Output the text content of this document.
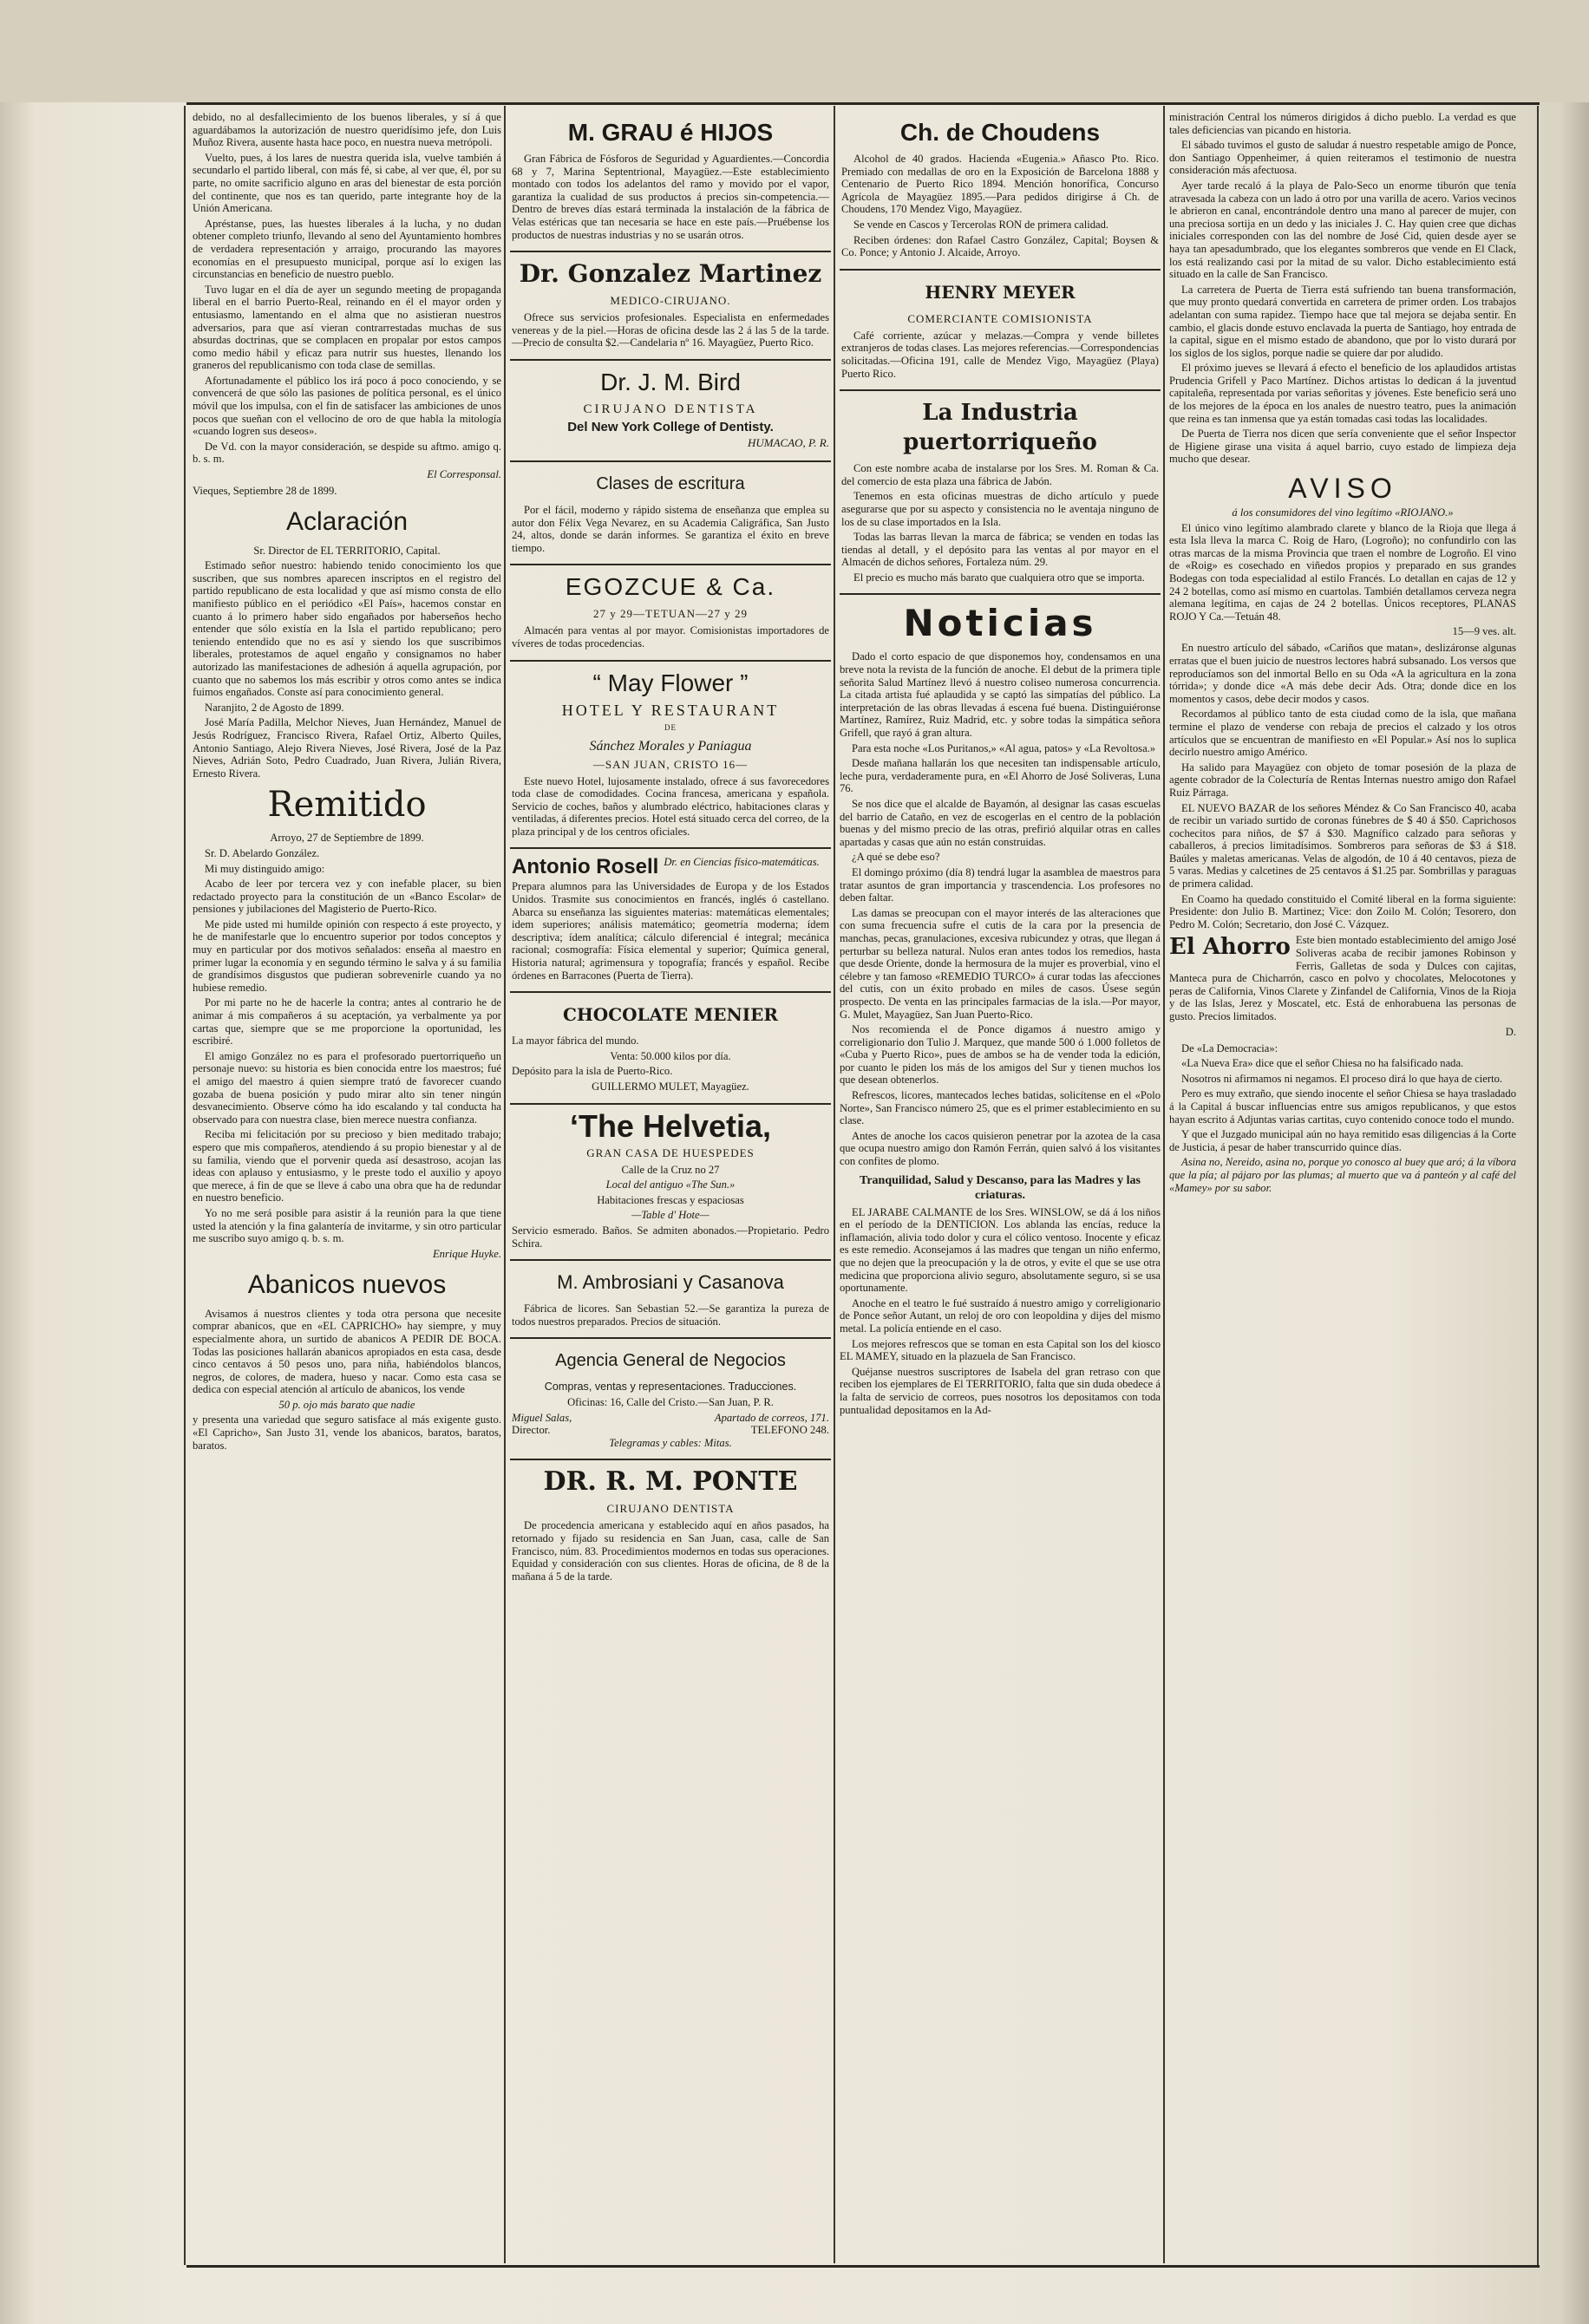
debido, no al desfallecimiento de los buenos liberales, y sí á que aguardábamos la autorización de nuestro queridísimo jefe, don Luis Muñoz Rivera, ausente hasta hace poco, en nuestra nueva metrópoli.

Vuelto, pues, á los lares de nuestra querida isla, vuelve también á secundarlo el partido liberal, con más fé, si cabe, al ver que, él, por su parte, no omite sacrificio alguno en aras del bienestar de esta porción del continente, que nos es tan querido, parte integrante hoy de la Unión Americana.

Apréstanse, pues, las huestes liberales á la lucha, y no dudan obtener completo triunfo, llevando al seno del Ayuntamiento hombres de verdadera representación y arraigo, procurando las mayores economías en el presupuesto municipal, porque así lo exigen las circunstancias en beneficio de nuestro pueblo.

Tuvo lugar en el día de ayer un segundo meeting de propaganda liberal en el barrio Puerto-Real, reinando en él el mayor orden y entusiasmo, lamentando en el alma que no asistieran nuestros adversarios, para que así vieran contrarrestadas muchas de sus absurdas doctrinas, que se complacen en propalar por estos campos como medio hábil y eficaz para nutrir sus huestes, llenando los graneros del republicanismo con toda clase de semillas.

Afortunadamente el público los irá poco á poco conociendo, y se convencerá de que sólo las pasiones de política personal, es el único móvil que los impulsa, con el fin de satisfacer las ambiciones de unos pocos que sueñan con el vellocino de oro de que habla la mitología «cuando logren sus deseos».

De Vd. con la mayor consideración, se despide su aftmo. amigo q. b. s. m.

El Corresponsal.

Vieques, Septiembre 28 de 1899.

Aclaración

Sr. Director de EL TERRITORIO, Capital.

Estimado señor nuestro: habiendo tenido conocimiento los que suscriben, que sus nombres aparecen inscriptos en el registro del partido republicano de esta localidad y que así mismo consta de ello manifiesto público en el periódico «El País», hacemos constar en cuanto á lo primero haber sido engañados por haberseños hecho entender que sólo existía en la Isla el partido republicano; pero teniendo entendido que no es así y siendo los que suscribimos liberales, protestamos de aquel engaño y consignamos no haber autorizado las manifestaciones de adhesión á aquella agrupación, por cuanto que no sabemos los más escribir y otros como antes se indica fuimos engañados. Conste así para conocimiento general.

Naranjito, 2 de Agosto de 1899.

José María Padilla, Melchor Nieves, Juan Hernández, Manuel de Jesús Rodríguez, Francisco Rivera, Rafael Ortiz, Alberto Quiles, Antonio Santiago, Alejo Rivera Nieves, José Rivera, José de la Paz Nieves, Adrián Soto, Pedro Cuadrado, Juan Rivera, Julián Rivera, Ernesto Rivera.

Remitido

Arroyo, 27 de Septiembre de 1899.

Sr. D. Abelardo González.

Mi muy distinguido amigo:

Acabo de leer por tercera vez y con inefable placer, su bien redactado proyecto para la constitución de un «Banco Escolar» de pensiones y jubilaciones del Magisterio de Puerto-Rico.

Me pide usted mi humilde opinión con respecto á este proyecto, y he de manifestarle que lo encuentro superior por todos conceptos y muy en particular por dos motivos señalados: enseña al maestro en primer lugar la economía y en segundo término le salva y á su familia de grandísimos disgustos que pudieran sobrevenirle cuando ya no hubiese remedio.

Por mi parte no he de hacerle la contra; antes al contrario he de animar á mis compañeros á su aceptación, ya verbalmente ya por cartas que, siempre que se me proporcione la oportunidad, les escribiré.

El amigo González no es para el profesorado puertorriqueño un personaje nuevo: su historia es bien conocida entre los maestros; fué el amigo del maestro á quien siempre trató de favorecer cuando gozaba de buena posición y pudo mirar alto sin tener ningún desvanecimiento. Observe cómo ha ido escalando y tal conducta ha observado para con nuestra clase, bien merece nuestra confianza.

Reciba mi felicitación por su precioso y bien meditado trabajo; espero que mis compañeros, atendiendo á su propio bienestar y al de su familia, viendo que el porvenir queda así desastroso, acojan las ideas con aplauso y entusiasmo, y le preste todo el auxilio y apoyo que merece, á fin de que se lleve á cabo una obra que ha de redundar en nuestro beneficio.

Yo no me será posible para asistir á la reunión para la que tiene usted la atención y la fina galantería de invitarme, y sin otro particular me suscribo suyo amigo q. b. s. m.

Enrique Huyke.
Abanicos nuevos

Avisamos á nuestros clientes y toda otra persona que necesite comprar abanicos, que en «EL CAPRICHO» hay siempre, y muy especialmente ahora, un surtido de abanicos A PEDIR DE BOCA. Todas las posiciones hallarán abanicos apropiados en esta casa, desde cinco centavos á 50 pesos uno, para niña, habiéndolos blancos, negros, de colores, de madera, hueso y nacar. Como esta casa se dedica con especial atención al artículo de abanicos, los vende

50 p. ojo más barato que nadie

y presenta una variedad que seguro satisface al más exigente gusto. «El Capricho», San Justo 31, vende los abanicos, baratos, baratos, baratos.

M. GRAU é HIJOS

Gran Fábrica de Fósforos de Seguridad y Aguardientes.—Concordia 68 y 7, Marina Septentrional, Mayagüez.—Este establecimiento montado con todos los adelantos del ramo y movido por el vapor, garantiza la cualidad de sus productos á precios sin-competencia.—Dentro de breves días estará terminada la instalación de la fábrica de Velas estéricas que tan necesaria se hace en este país.—Pruébense los productos de nuestras industrias y no se usarán otros.

Dr. Gonzalez Martinez
MEDICO-CIRUJANO.

Ofrece sus servicios profesionales. Especialista en enfermedades venereas y de la piel.—Horas de oficina desde las 2 á las 5 de la tarde.—Precio de consulta $2.—Candelaria nº 16. Mayagüez, Puerto Rico.

Dr. J. M. Bird
CIRUJANO DENTISTA
Del New York College of Dentisty.
HUMACAO, P. R.
Clases de escritura

Por el fácil, moderno y rápido sistema de enseñanza que emplea su autor don Félix Vega Nevarez, en su Academia Caligráfica, San Justo 24, altos, donde se darán informes. Se garantiza el éxito en breve tiempo.

EGOZCUE & Ca.
27 y 29—TETUAN—27 y 29

Almacén para ventas al por mayor. Comisionistas importadores de víveres de todas procedencias.

“ May Flower ”
HOTEL Y RESTAURANT
DE
Sánchez Morales y Paniagua
—SAN JUAN, CRISTO 16—

Este nuevo Hotel, lujosamente instalado, ofrece á sus favorecedores toda clase de comodidades. Cocina francesa, americana y española. Servicio de coches, baños y alumbrado eléctrico, habitaciones claras y ventiladas, á diferentes precios. Hotel está situado cerca del correo, de la plaza principal y de los centros oficiales.

Antonio Rosell Dr. en Ciencias físico-matemáticas.

Prepara alumnos para las Universidades de Europa y de los Estados Unidos. Trasmite sus conocimientos en francés, inglés ó castellano. Abarca su enseñanza las siguientes materias: matemáticas elementales; idem superiores; análisis matemático; geometría moderna; ídem descriptiva; ídem analítica; cálculo diferencial é integral; mecánica racional; cosmografía: Física elemental y superior; Química general, Historia natural; agrimensura y topografía; francés y español. Recibe órdenes en Barracones (Puerta de Tierra).

CHOCOLATE MENIER

La mayor fábrica del mundo.

Venta: 50.000 kilos por día.

Depósito para la isla de Puerto-Rico.

GUILLERMO MULET, Mayagüez.

‘The Helvetia,
GRAN CASA DE HUESPEDES

Calle de la Cruz no 27

Local del antiguo «The Sun.»

Habitaciones frescas y espaciosas

—Table d' Hote—

Servicio esmerado. Baños. Se admiten abonados.—Propietario. Pedro Schira.

M. Ambrosiani y Casanova

Fábrica de licores. San Sebastian 52.—Se garantiza la pureza de todos nuestros preparados. Precios de situación.

Agencia General de Negocios

Compras, ventas y representaciones. Traducciones.

Oficinas: 16, Calle del Cristo.—San Juan, P. R.

Miguel Salas,	Apartado de correos, 171.
Director.	TELEFONO 248.

Telegramas y cables: Mitas.

DR. R. M. PONTE
CIRUJANO DENTISTA

De procedencia americana y establecido aquí en años pasados, ha retornado y fijado su residencia en San Juan, casa, calle de San Francisco, núm. 83. Procedimientos modernos en todas sus operaciones. Equidad y consideración con sus clientes. Horas de oficina, de 8 de la mañana á 5 de la tarde.

Ch. de Choudens

Alcohol de 40 grados. Hacienda «Eugenia.» Añasco Pto. Rico. Premiado con medallas de oro en la Exposición de Barcelona 1888 y Centenario de Puerto Rico 1894. Mención honorífica, Concurso Agrícola de Mayagüez 1895.—Para pedidos dirigirse á Ch. de Choudens, 170 Mendez Vigo, Mayagüez.

Se vende en Cascos y Tercerolas RON de primera calidad.

Reciben órdenes: don Rafael Castro González, Capital; Boysen & Co. Ponce; y Antonio J. Alcaide, Arroyo.

HENRY MEYER
COMERCIANTE COMISIONISTA

Café corriente, azúcar y melazas.—Compra y vende billetes extranjeros de todas clases. Las mejores referencias.—Correspondencias solicitadas.—Oficina 191, calle de Mendez Vigo, Mayagüez (Playa) Puerto Rico.

La Industria puertorriqueño

Con este nombre acaba de instalarse por los Sres. M. Roman & Ca. del comercio de esta plaza una fábrica de Jabón.

Tenemos en esta oficinas muestras de dicho artículo y puede asegurarse que por su aspecto y consistencia no le aventaja ninguno de los de su clase importados en la Isla.

Todas las barras llevan la marca de fábrica; se venden en todas las tiendas al detall, y el depósito para las ventas al por mayor en el Almacén de dichos señores, Fortaleza núm. 29.

El precio es mucho más barato que cualquiera otro que se importa.

Noticias

Dado el corto espacio de que disponemos hoy, condensamos en una breve nota la revista de la función de anoche. El debut de la primera tiple señorita Salud Martínez llevó á nuestro coliseo numerosa concurrencia. La citada artista fué aplaudida y se captó las simpatías del público. La interpretación de las obras llevadas á escena fué buena. Distinguiéronse Martínez, Ramírez, Ruiz Madrid, etc. y sobre todas la simpática señora Grifell, que rayó á gran altura.

Para esta noche «Los Puritanos,» «Al agua, patos» y «La Revoltosa.»

Desde mañana hallarán los que necesiten tan indispensable artículo, leche pura, verdaderamente pura, en «El Ahorro de José Soliveras, Luna 76.

Se nos dice que el alcalde de Bayamón, al designar las casas escuelas del barrio de Cataño, en vez de escogerlas en el centro de la población buenas y del mismo precio de las otras, prefirió alquilar otras en calles apartadas y casas que aún no están construidas.

¿A qué se debe eso?

El domingo próximo (día 8) tendrá lugar la asamblea de maestros para tratar asuntos de gran importancia y trascendencia. Los profesores no deben faltar.

Las damas se preocupan con el mayor interés de las alteraciones que con suma frecuencia sufre el cutis de la cara por la presencia de manchas, pecas, granulaciones, excesiva rubicundez y otras, que llegan á perturbar su belleza natural. Nulos eran antes todos los remedios, hasta que desde Oriente, donde la hermosura de la mujer es proverbial, vino el célebre y tan famoso «REMEDIO TURCO» á curar todas las afecciones del cutis, con un éxito probado en miles de casos. Úsese según prospecto. De venta en las principales farmacias de la isla.—Por mayor, G. Mulet, Mayagüez, San Juan Puerto-Rico.

Nos recomienda el de Ponce digamos á nuestro amigo y correligionario don Tulio J. Marquez, que mande 500 ó 1.000 folletos de «Cuba y Puerto Rico», pues de ambos se ha de vender toda la edición, por cuanto le piden los más de los amigos del Sur y tienen muchos los que desean obtenerlos.

Refrescos, licores, mantecados leches batidas, solicítense en el «Polo Norte», San Francisco número 25, que es el primer establecimiento en su clase.

Antes de anoche los cacos quisieron penetrar por la azotea de la casa que ocupa nuestro amigo don Ramón Ferrán, quien salvó á los visitantes con confites de plomo.

Tranquilidad, Salud y Descanso, para las Madres y las criaturas.

EL JARABE CALMANTE de los Sres. WINSLOW, se dá á los niños en el período de la DENTICION. Los ablanda las encías, reduce la inflamación, alivia todo dolor y cura el cólico ventoso. Inocente y eficaz es este remedio. Aconsejamos á las madres que tengan un niño enfermo, que no dejen que la preocupación y la de otros, y evite el que se use otra medicina que proporciona alivio seguro, absolutamente seguro, si se usa oportunamente.

Anoche en el teatro le fué sustraído á nuestro amigo y correligionario de Ponce señor Autant, un reloj de oro con leopoldina y dijes del mismo metal. La policía entiende en el caso.

Los mejores refrescos que se toman en esta Capital son los del kiosco EL MAMEY, situado en la plazuela de San Francisco.

Quéjanse nuestros suscriptores de Isabela del gran retraso con que reciben los ejemplares de El TERRITORIO, falta que sin duda obedece á la falta de servicio de correos, pues nosotros los depositamos con toda puntualidad depositamos en la Ad-

ministración Central los números dirigidos á dicho pueblo. La verdad es que tales deficiencias van picando en historia.

El sábado tuvimos el gusto de saludar á nuestro respetable amigo de Ponce, don Santiago Oppenheimer, á quien reiteramos el testimonio de nuestra consideración más afectuosa.

Ayer tarde recaló á la playa de Palo-Seco un enorme tiburón que tenía atravesada la cabeza con un lado á otro por una varilla de acero. Varios vecinos le abrieron en canal, encontrándole dentro una mano al parecer de mujer, con una preciosa sortija en un dedo y las iniciales J. C. Hay quien cree que dichas iniciales corresponden con las del nombre de José Cid, quien desde ayer se haya tan apesadumbrado, que los elegantes sombreros que vende en El Clack, los está realizando casi por la mitad de su valor. Dicho establecimiento está situado en la calle de San Francisco.

La carretera de Puerta de Tierra está sufriendo tan buena transformación, que muy pronto quedará convertida en carretera de primer orden. Los trabajos adelantan con suma rapidez. Tiempo hace que tal mejora se dejaba sentir. En cambio, el glacis donde estuvo enclavada la puerta de Santiago, hoy entrada de la capital, sigue en el mismo estado de abandono, que por lo visto durará por los siglos de los siglos, porque nadie se quiere dar por aludido.

El próximo jueves se llevará á efecto el beneficio de los aplaudidos artistas Prudencia Grifell y Paco Martínez. Dichos artistas lo dedican á la juventud capitaleña, representada por varias señoritas y jóvenes. Este beneficio será uno de los mejores de la época en los anales de nuestro teatro, pues la animación que reina es tan inmensa que ya están tomadas casi todas las localidades.

De Puerta de Tierra nos dicen que sería conveniente que el señor Inspector de Higiene girase una visita á aquel barrio, cuyo estado de limpieza deja mucho que desear.

AVISO

á los consumidores del vino legítimo «RIOJANO.»

El único vino legítimo alambrado clarete y blanco de la Rioja que llega á esta Isla lleva la marca C. Roig de Haro, (Logroño); no confundirlo con las otras marcas de la misma Provincia que traen el nombre de Logroño. El vino de «Roig» es cosechado en viñedos propios y preparado en sus grandes Bodegas con toda especialidad al estilo Francés. Lo detallan en cajas de 12 y 24 2 botellas, como así mismo en cuartolas. También detallamos cerveza negra alemana legítima, en cajas de 24 2 botellas. Únicos receptores, PLANAS ROJO Y Ca.—Tetuán 48.

15—9 ves. alt.

En nuestro artículo del sábado, «Cariños que matan», deslizáronse algunas erratas que el buen juicio de nuestros lectores habrá subsanado. Los versos que reproducíamos son del inmortal Bello en su Oda «A la agricultura en la zona tórrida»; y donde dice «A más debe decir Ads. Otra; donde dice en los momentos y casos, debe decir modos y casos.

Recordamos al público tanto de esta ciudad como de la isla, que mañana termine el plazo de venderse con rebaja de precios el calzado y los otros artículos que se encuentran de manifiesto en «El Popular.» Así nos lo suplica decirlo nuestro amigo Américo.

Ha salido para Mayagüez con objeto de tomar posesión de la plaza de agente cobrador de la Colecturía de Rentas Internas nuestro amigo don Rafael Ruiz Párraga.

EL NUEVO BAZAR de los señores Méndez & Co San Francisco 40, acaba de recibir un variado surtido de coronas fúnebres de $ 40 á $50. Caprichosos cochecitos para niños, de $7 á $30. Magnífico calzado para señoras y caballeros, á precios limitadísimos. Sombreros para señoras de $3 á $18. Baúles y maletas americanas. Velas de algodón, de 10 á 40 centavos, pieza de 5 varas. Medias y calcetines de 25 centavos á $1.25 par. Sombrillas y paraguas de primera calidad.

En Coamo ha quedado constituido el Comité liberal en la forma siguiente: Presidente: don Julio B. Martinez; Vice: don Zoilo M. Colón; Tesorero, don Pedro M. Colón; Secretario, don José C. Vázquez.

El Ahorro Este bien montado establecimiento del amigo José Soliveras acaba de recibir jamones Robinson y Ferris, Galletas de soda y Dulces con cajitas, Manteca pura de Chicharrón, casco en polvo y chocolates, Melocotones y peras de California, Vinos Clarete y Zinfandel de California, Vinos de la Rioja y de las Islas, Jerez y Moscatel, etc. Está de enhorabuena las personas de gusto. Precios limitados.

D.

De «La Democracia»:

«La Nueva Era» dice que el señor Chiesa no ha falsificado nada.

Nosotros ni afirmamos ni negamos. El proceso dirá lo que haya de cierto.

Pero es muy extraño, que siendo inocente el señor Chiesa se haya trasladado á la Capital á buscar influencias entre sus amigos republicanos, y que estos hayan escrito á Adjuntas varias cartitas, cuyo contenido conoce todo el mundo.

Y que el Juzgado municipal aún no haya remitido esas diligencias á la Corte de Justicia, á pesar de haber transcurrido quince días.

Asina no, Nereido, asina no, porque yo conosco al buey que aró; á la víbora que la pía; al pájaro por las plumas; al muerto que va á panteón y al café del «Mamey» por su sabor.
